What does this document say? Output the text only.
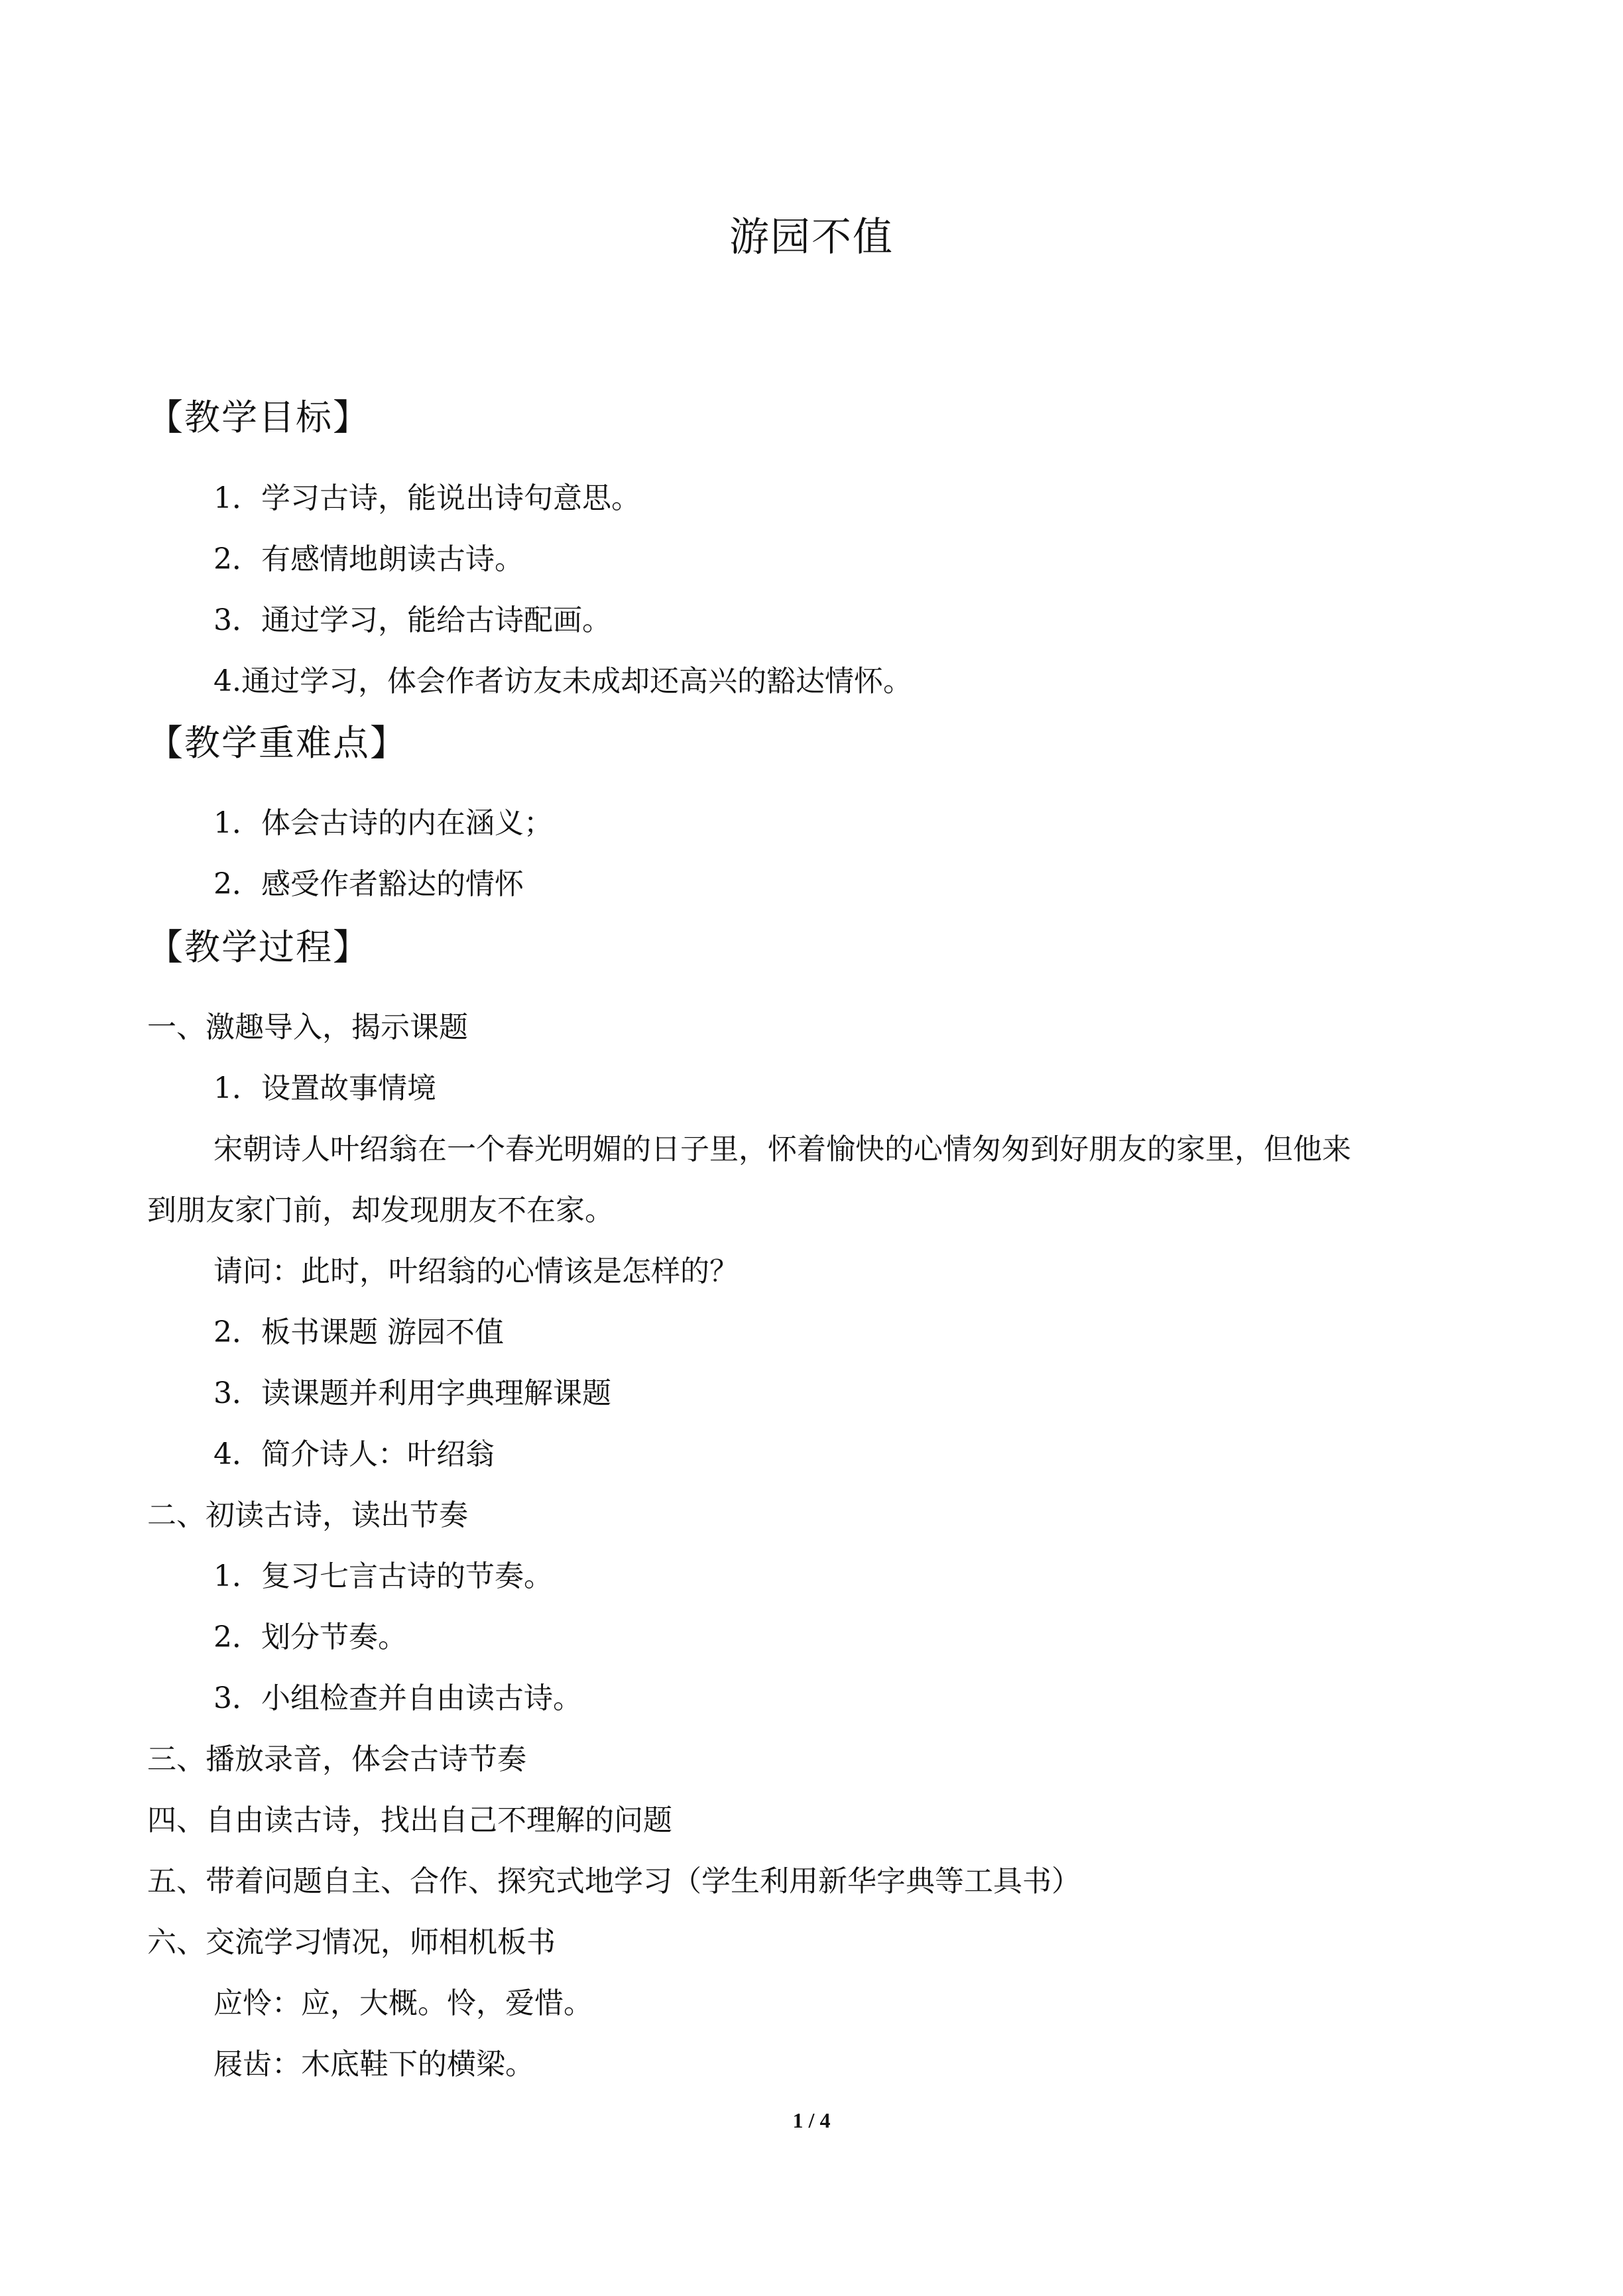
游园不值
【教学目标】
1．学习古诗，能说出诗句意思。
2．有感情地朗读古诗。
3．通过学习，能给古诗配画。
4.通过学习，体会作者访友未成却还高兴的豁达情怀。
【教学重难点】
1．体会古诗的内在涵义；
2．感受作者豁达的情怀
【教学过程】
一、激趣导入，揭示课题
1．设置故事情境
宋朝诗人叶绍翁在一个春光明媚的日子里，怀着愉快的心情匆匆到好朋友的家里，但他来
到朋友家门前，却发现朋友不在家。
请问：此时，叶绍翁的心情该是怎样的？
2．板书课题 游园不值
3．读课题并利用字典理解课题
4．简介诗人：叶绍翁
二、初读古诗，读出节奏
1．复习七言古诗的节奏。
2．划分节奏。
3．小组检查并自由读古诗。
三、播放录音，体会古诗节奏
四、自由读古诗，找出自己不理解的问题
五、带着问题自主、合作、探究式地学习（学生利用新华字典等工具书）
六、交流学习情况，师相机板书
应怜：应，大概。怜，爱惜。
屐齿：木底鞋下的横梁。
1 / 4
